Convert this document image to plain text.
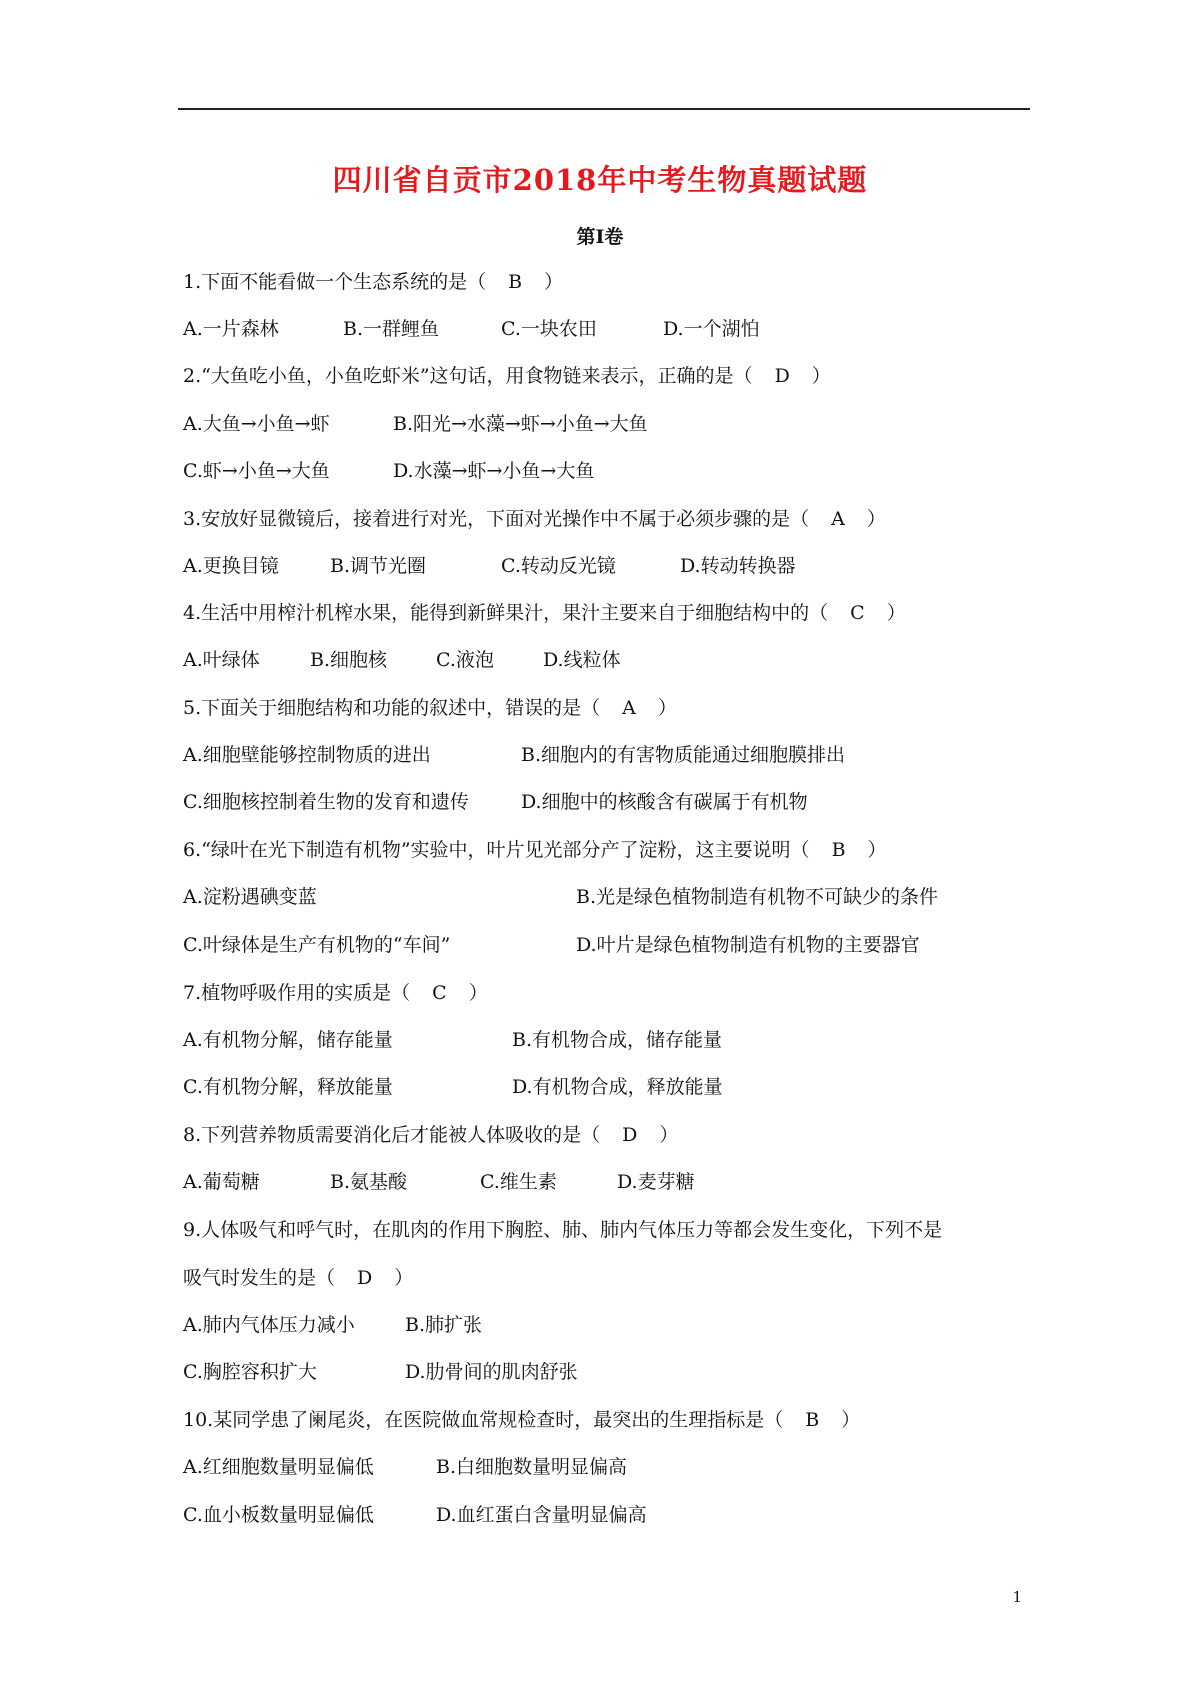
四川省自贡市2018年中考生物真题试题
第Ⅰ卷
1.下面不能看做一个生态系统的是（ B ）

A.一片森林

	B.一群鲤鱼

	C.一块农田

	D.一个湖怕

2.“大鱼吃小鱼，小鱼吃虾米”这句话，用食物链来表示，正确的是（ D ）

A.大鱼→小鱼→虾

	B.阳光→水藻→虾→小鱼→大鱼

C.虾→小鱼→大鱼

	D.水藻→虾→小鱼→大鱼

3.安放好显微镜后，接着进行对光，下面对光操作中不属于必须步骤的是（ A ）

A.更换目镜

	B.调节光圈

	C.转动反光镜

	D.转动转换器

4.生活中用榨汁机榨水果，能得到新鲜果汁，果汁主要来自于细胞结构中的（ C ）

A.叶绿体

	B.细胞核

	C.液泡

	D.线粒体

5.下面关于细胞结构和功能的叙述中，错误的是（ A ）

A.细胞壁能够控制物质的进出

	B.细胞内的有害物质能通过细胞膜排出

C.细胞核控制着生物的发育和遗传

	D.细胞中的核酸含有碳属于有机物

6.“绿叶在光下制造有机物”实验中，叶片见光部分产了淀粉，这主要说明（ B ）

A.淀粉遇碘变蓝

	B.光是绿色植物制造有机物不可缺少的条件

C.叶绿体是生产有机物的“车间”

	D.叶片是绿色植物制造有机物的主要器官

7.植物呼吸作用的实质是（ C ）

A.有机物分解，储存能量

	B.有机物合成，储存能量

C.有机物分解，释放能量

	D.有机物合成，释放能量

8.下列营养物质需要消化后才能被人体吸收的是（ D ）

A.葡萄糖

	B.氨基酸

	C.维生素

	D.麦芽糖

9.人体吸气和呼气时，在肌肉的作用下胸腔、肺、肺内气体压力等都会发生变化，下列不是
吸气时发生的是（ D ）

A.肺内气体压力减小

	B.肺扩张

C.胸腔容积扩大

	D.肋骨间的肌肉舒张

10.某同学患了阑尾炎，在医院做血常规检查时，最突出的生理指标是（ B ）

A.红细胞数量明显偏低

	B.白细胞数量明显偏高

C.血小板数量明显偏低

	D.血红蛋白含量明显偏高

1
